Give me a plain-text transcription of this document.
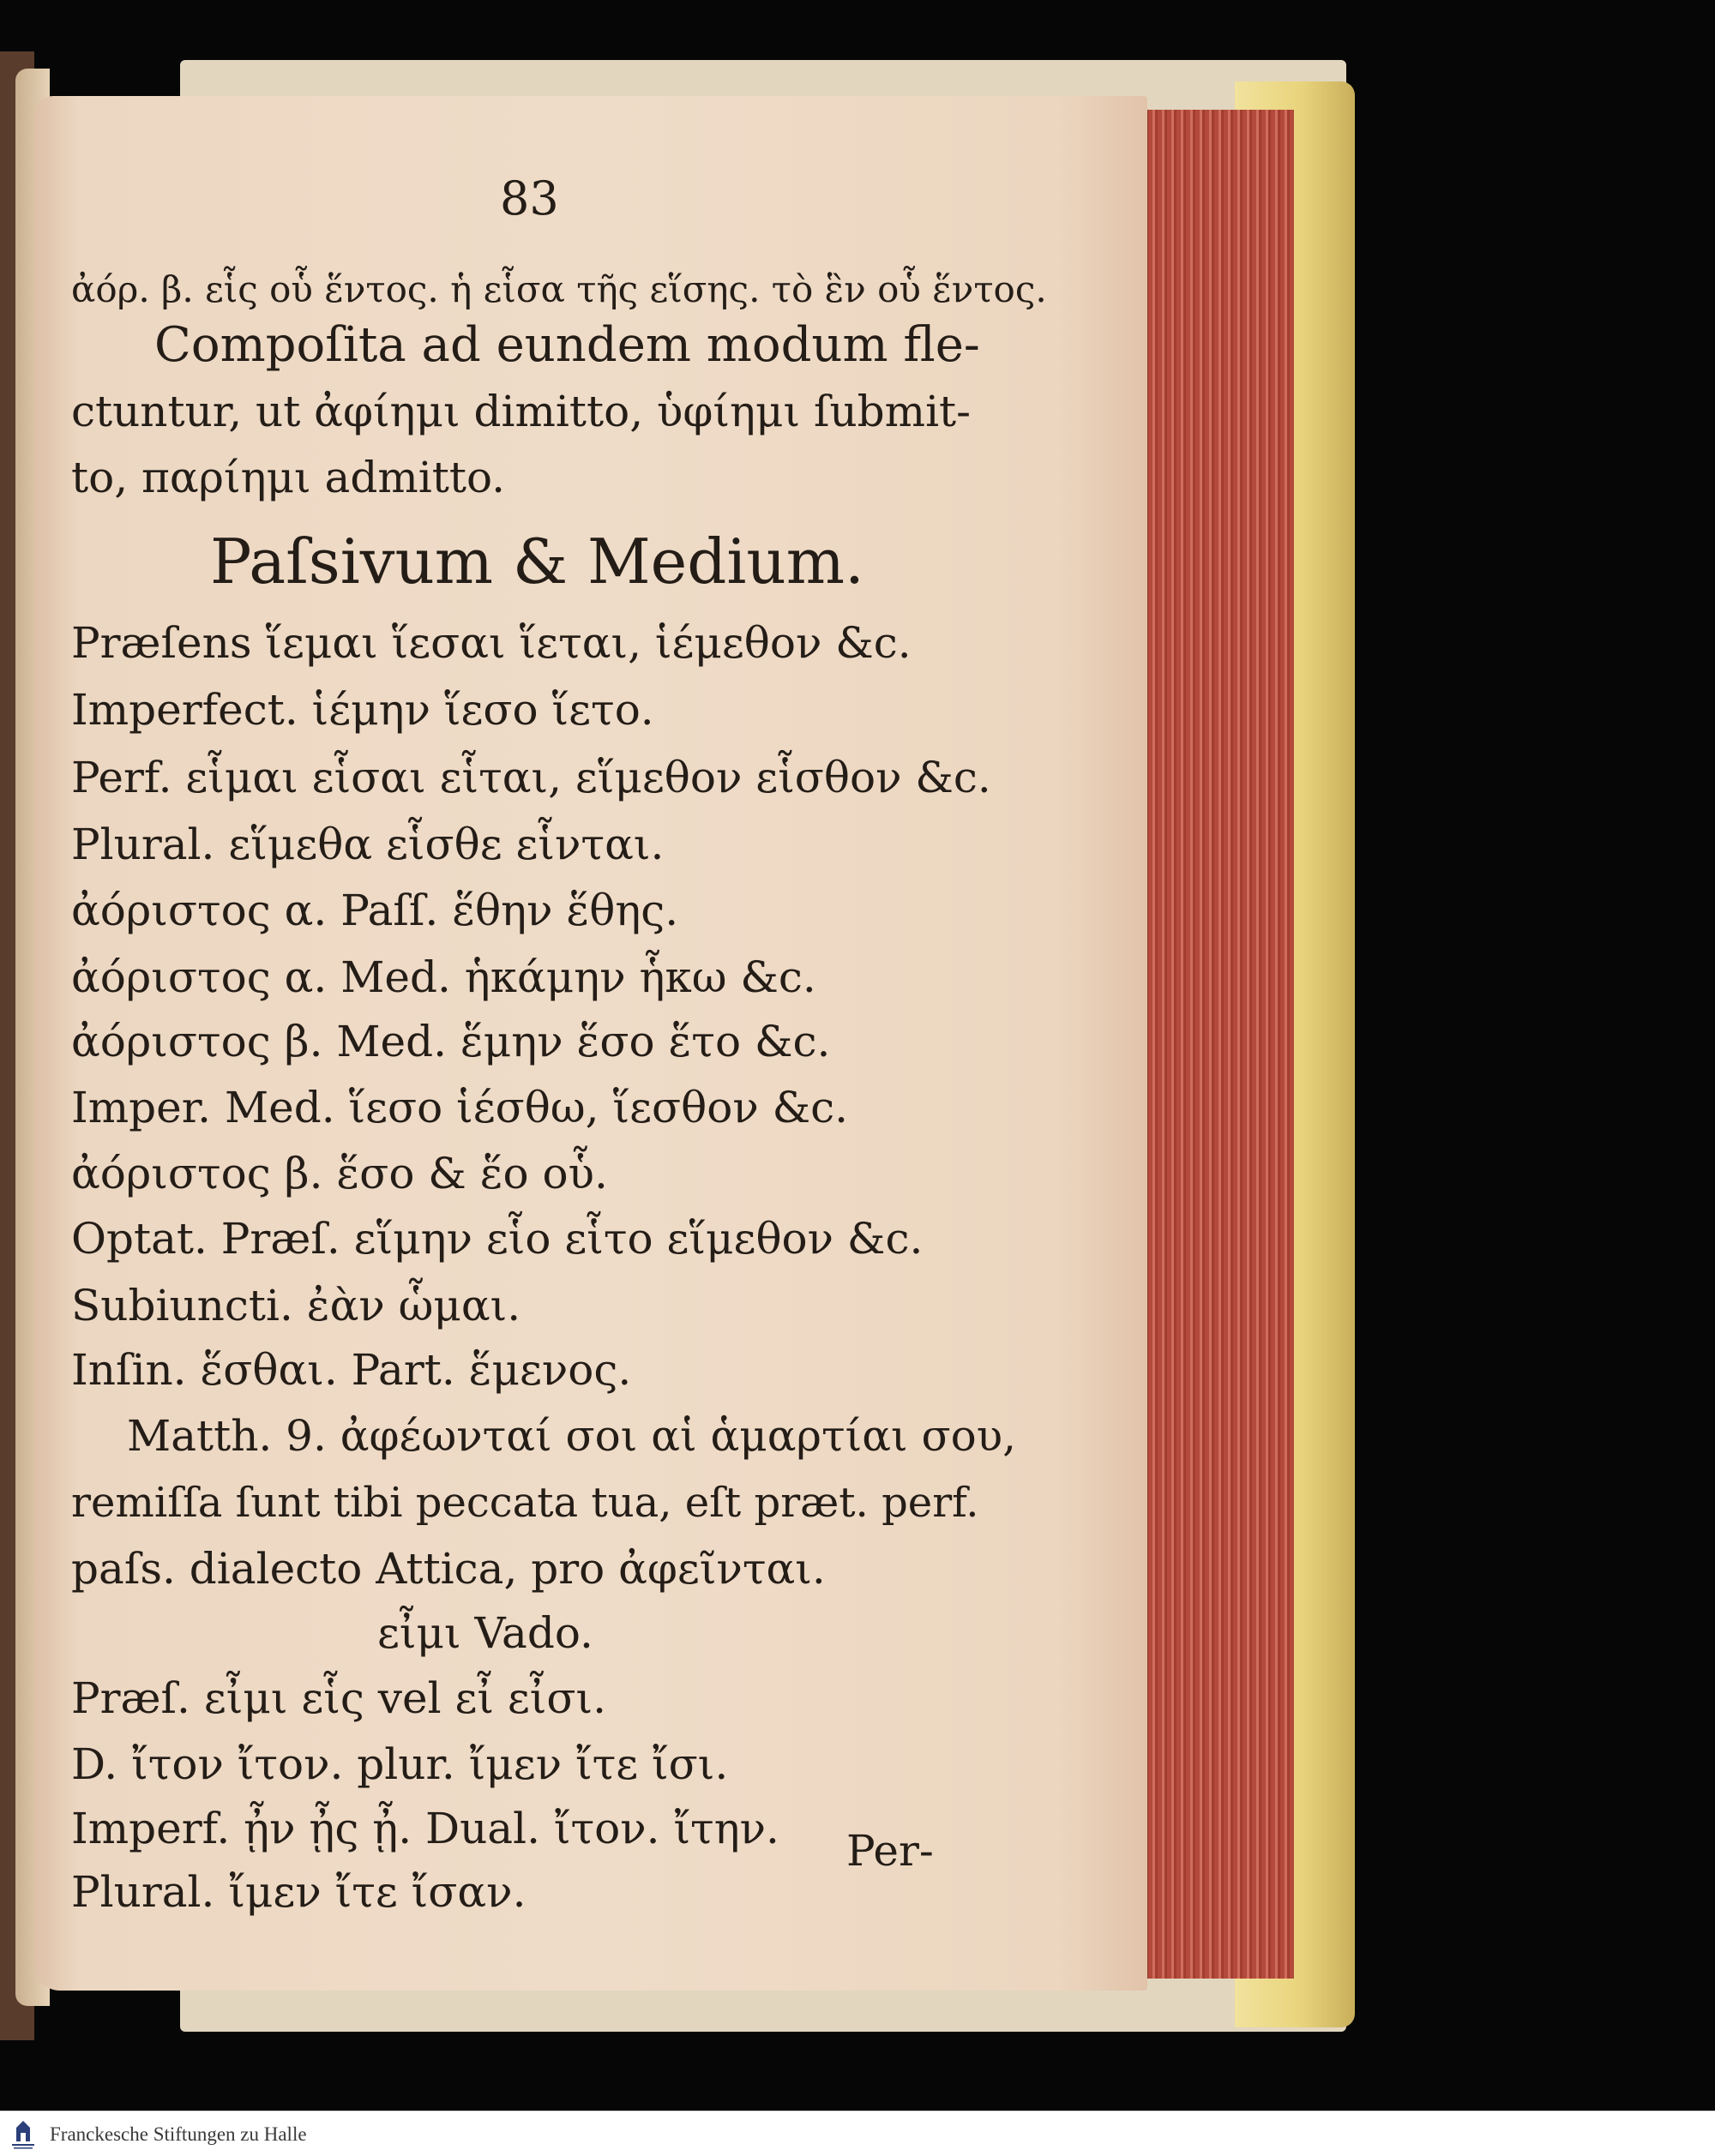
83
ἀόρ. β. εἷς οὗ ἕντος. ἡ εἷσα τῆς εἵσης. τὸ ἓν οὗ ἕντος.
Compoſita ad eundem modum fle-
ctuntur, ut ἀφίημι dimitto, ὑφίημι ſubmit-
to, παρίημι admitto.
Paſsivum & Medium.
Præſens ἵεμαι ἵεσαι ἵεται, ἱέμεθον &c.
Imperfect. ἱέμην ἵεσο ἵετο.
Perf. εἷμαι εἷσαι εἷται, εἵμεθον εἷσθον &c.
Plural. εἵμεθα εἷσθε εἷνται.
ἀόριστος α. Paſſ. ἕθην ἕθης.
ἀόριστος α. Med. ἡκάμην ἧκω &c.
ἀόριστος β. Med. ἕμην ἕσο ἕτο &c.
Imper. Med. ἵεσο ἱέσθω, ἵεσθον &c.
ἀόριστος β. ἕσο & ἕο οὗ.
Optat. Præſ. εἵμην εἷο εἷτο εἵμεθον &c.
Subiuncti. ἐὰν ὧμαι.
Inſin. ἕσθαι. Part. ἕμενος.
Matth. 9. ἀφέωνταί σοι αἱ ἁμαρτίαι σου,
remiſſa ſunt tibi peccata tua, eſt præt. perf.
paſs. dialecto Attica, pro ἀφεῖνται.
εἶμι Vado.
Præſ. εἶμι εἷς vel εἶ εἶσι.
D. ἴτον ἴτον. plur. ἴμεν ἴτε ἴσι.
Imperf. ᾖν ᾖς ᾖ. Dual. ἴτον. ἴτην.
Plural. ἴμεν ἴτε ἴσαν.
Per-
Franckesche Stiftungen zu Halle
